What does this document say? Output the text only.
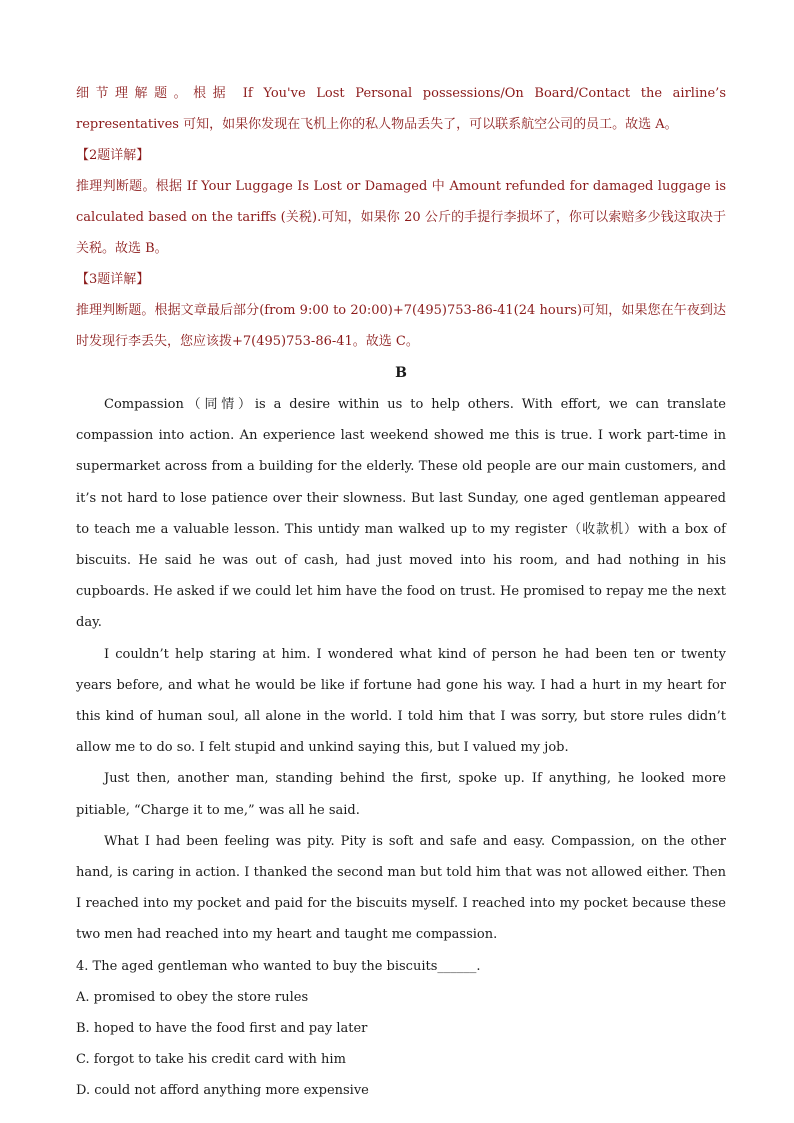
细节理解题。根据 If You've Lost Personal possessions/On Board/Contact the airline’s representatives 可知，如果你发现在飞机上你的私人物品丢失了，可以联系航空公司的员工。故选 A。

【2题详解】

推理判断题。根据 If Your Luggage Is Lost or Damaged 中 Amount refunded for damaged luggage is calculated based on the tariffs (关税).可知，如果你 20 公斤的手提行李损坏了，你可以索赔多少钱这取决于关税。故选 B。

【3题详解】

推理判断题。根据文章最后部分(from 9:00 to 20:00)+7(495)753-86-41(24 hours)可知，如果您在午夜到达时发现行李丢失，您应该拨+7(495)753-86-41。故选 C。

B

Compassion（同情）is a desire within us to help others. With effort, we can translate compassion into action. An experience last weekend showed me this is true. I work part-time in supermarket across from a building for the elderly. These old people are our main customers, and it’s not hard to lose patience over their slowness. But last Sunday, one aged gentleman appeared to teach me a valuable lesson. This untidy man walked up to my register（收款机）with a box of biscuits. He said he was out of cash, had just moved into his room, and had nothing in his cupboards. He asked if we could let him have the food on trust. He promised to repay me the next day.

I couldn’t help staring at him. I wondered what kind of person he had been ten or twenty years before, and what he would be like if fortune had gone his way. I had a hurt in my heart for this kind of human soul, all alone in the world. I told him that I was sorry, but store rules didn’t allow me to do so. I felt stupid and unkind saying this, but I valued my job.

Just then, another man, standing behind the first, spoke up. If anything, he looked more pitiable, “Charge it to me,” was all he said.

What I had been feeling was pity. Pity is soft and safe and easy. Compassion, on the other hand, is caring in action. I thanked the second man but told him that was not allowed either. Then I reached into my pocket and paid for the biscuits myself. I reached into my pocket because these two men had reached into my heart and taught me compassion.

4. The aged gentleman who wanted to buy the biscuits______.

A. promised to obey the store rules

B. hoped to have the food first and pay later

C. forgot to take his credit card with him

D. could not afford anything more expensive
